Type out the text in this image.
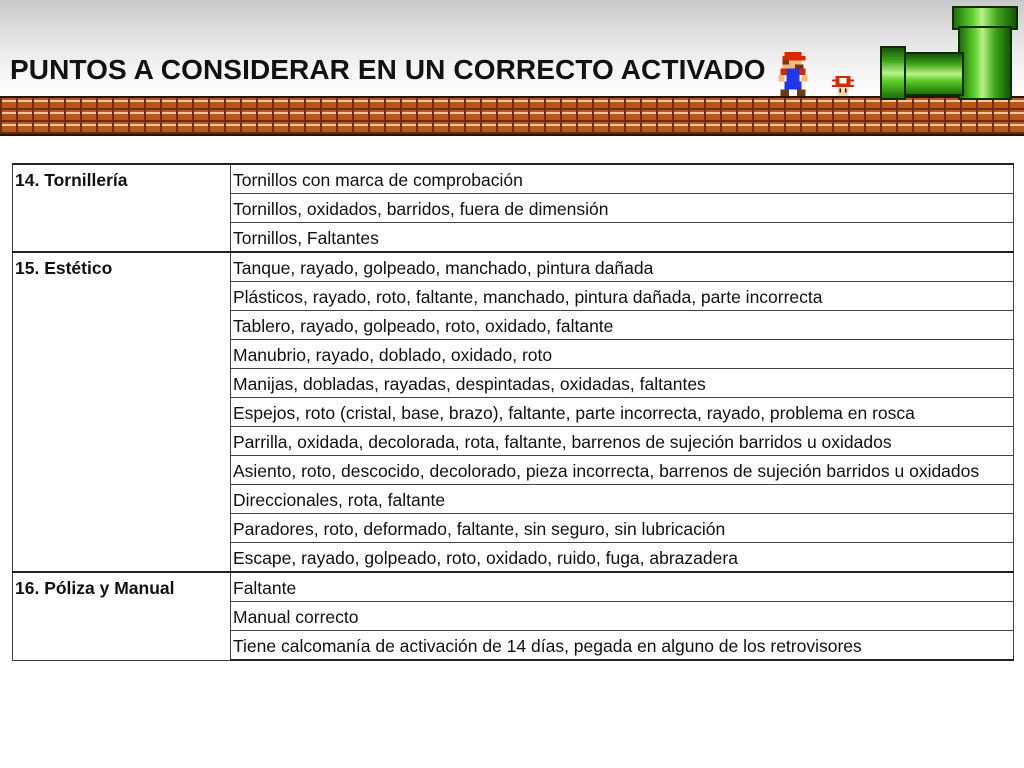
PUNTOS A CONSIDERAR EN UN CORRECTO ACTIVADO
14. Tornillería	Tornillos con marca de comprobación
	Tornillos, oxidados, barridos, fuera de dimensión
	Tornillos, Faltantes
15. Estético	Tanque, rayado, golpeado, manchado, pintura dañada
	Plásticos, rayado, roto, faltante, manchado, pintura dañada, parte incorrecta
	Tablero, rayado, golpeado, roto, oxidado, faltante
	Manubrio, rayado, doblado, oxidado, roto
	Manijas, dobladas, rayadas, despintadas, oxidadas, faltantes
	Espejos, roto (cristal, base, brazo), faltante, parte incorrecta, rayado, problema en rosca
	Parrilla, oxidada, decolorada, rota, faltante, barrenos de sujeción barridos u oxidados
	Asiento, roto, descocido, decolorado, pieza incorrecta, barrenos de sujeción barridos u oxidados
	Direccionales, rota, faltante
	Paradores, roto, deformado, faltante, sin seguro, sin lubricación
	Escape, rayado, golpeado, roto, oxidado, ruido, fuga, abrazadera
16. Póliza y Manual	Faltante
	Manual correcto
	Tiene calcomanía de activación de 14 días, pegada en alguno de los retrovisores
